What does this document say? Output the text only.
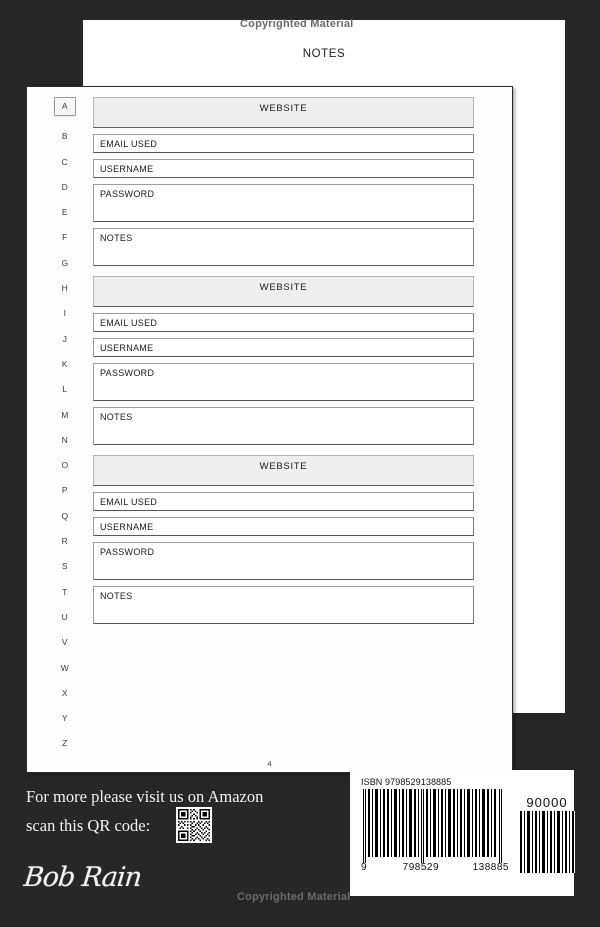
Copyrighted Material
NOTES
A
B
C
D
E
F
G
H
I
J
K
L
M
N
O
P
Q
R
S
T
U
V
W
X
Y
Z
WEBSITE
EMAIL USED
USERNAME
PASSWORD
NOTES
WEBSITE
EMAIL USED
USERNAME
PASSWORD
NOTES
WEBSITE
EMAIL USED
USERNAME
PASSWORD
NOTES
4
For more please visit us on Amazon
scan this QR code:
Bob Rain
ISBN 9798529138885
9	798529	138885
90000
Copyrighted Material
